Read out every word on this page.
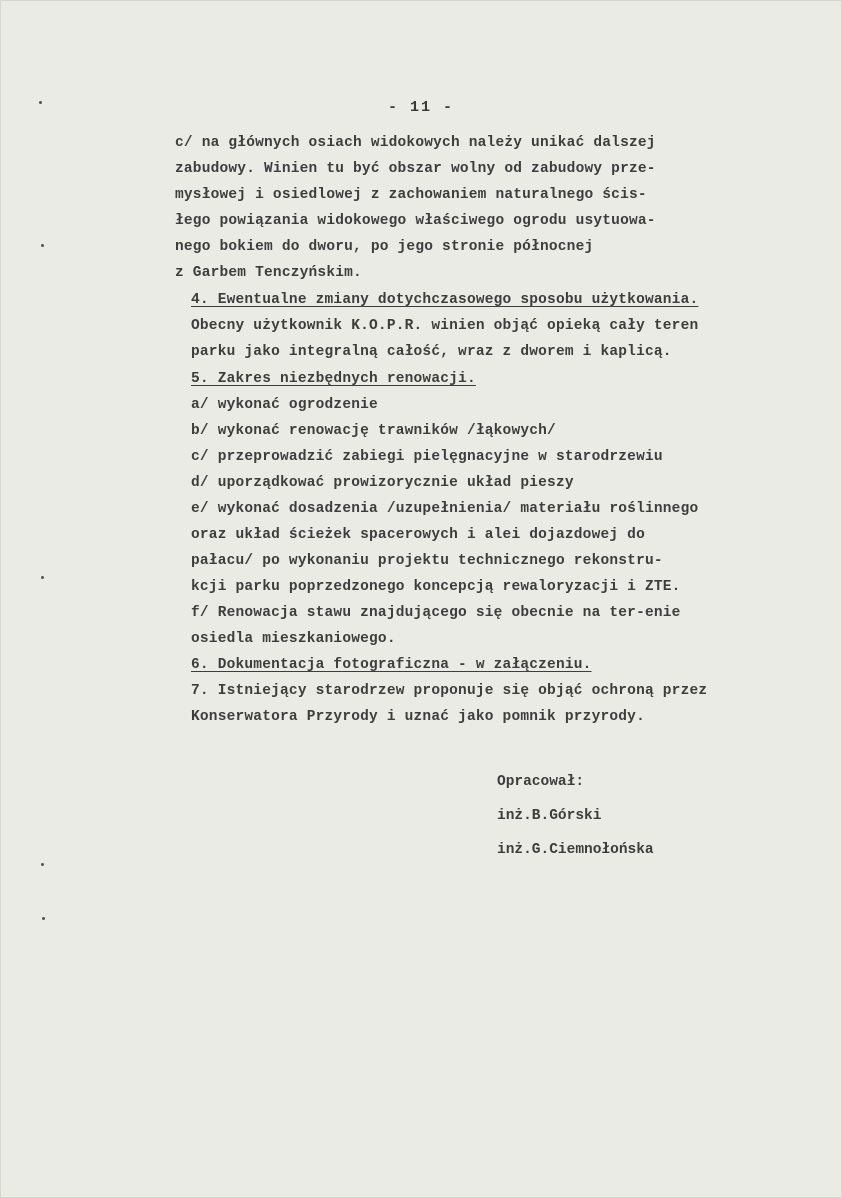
- 11 -
c/ na głównych osiach widokowych należy unikać dalszej
zabudowy. Winien tu być obszar wolny od zabudowy prze-
mysłowej i osiedlowej z zachowaniem naturalnego ścis-
łego powiązania widokowego właściwego ogrodu usytuowa-
nego bokiem do dworu, po jego stronie północnej
z Garbem Tenczyńskim.
4. Ewentualne zmiany dotychczasowego sposobu użytkowania.
Obecny użytkownik K.O.P.R. winien objąć opieką cały teren
parku jako integralną całość, wraz z dworem i kaplicą.
5. Zakres niezbędnych renowacji.
a/ wykonać ogrodzenie
b/ wykonać renowację trawników /łąkowych/
c/ przeprowadzić zabiegi pielęgnacyjne w starodrzewiu
d/ uporządkować prowizorycznie układ pieszy
e/ wykonać dosadzenia /uzupełnienia/ materiału roślinnego
oraz układ ścieżek spacerowych i alei dojazdowej do
pałacu/ po wykonaniu projektu technicznego rekonstru-
kcji parku poprzedzonego koncepcją rewaloryzacji i ZTE.
f/ Renowacja stawu znajdującego się obecnie na ter-enie
osiedla mieszkaniowego.
6. Dokumentacja fotograficzna - w załączeniu.
7. Istniejący starodrzew proponuje się objąć ochroną przez
Konserwatora Przyrody i uznać jako pomnik przyrody.
Opracował:
inż.B.Górski
inż.G.Ciemnołońska
